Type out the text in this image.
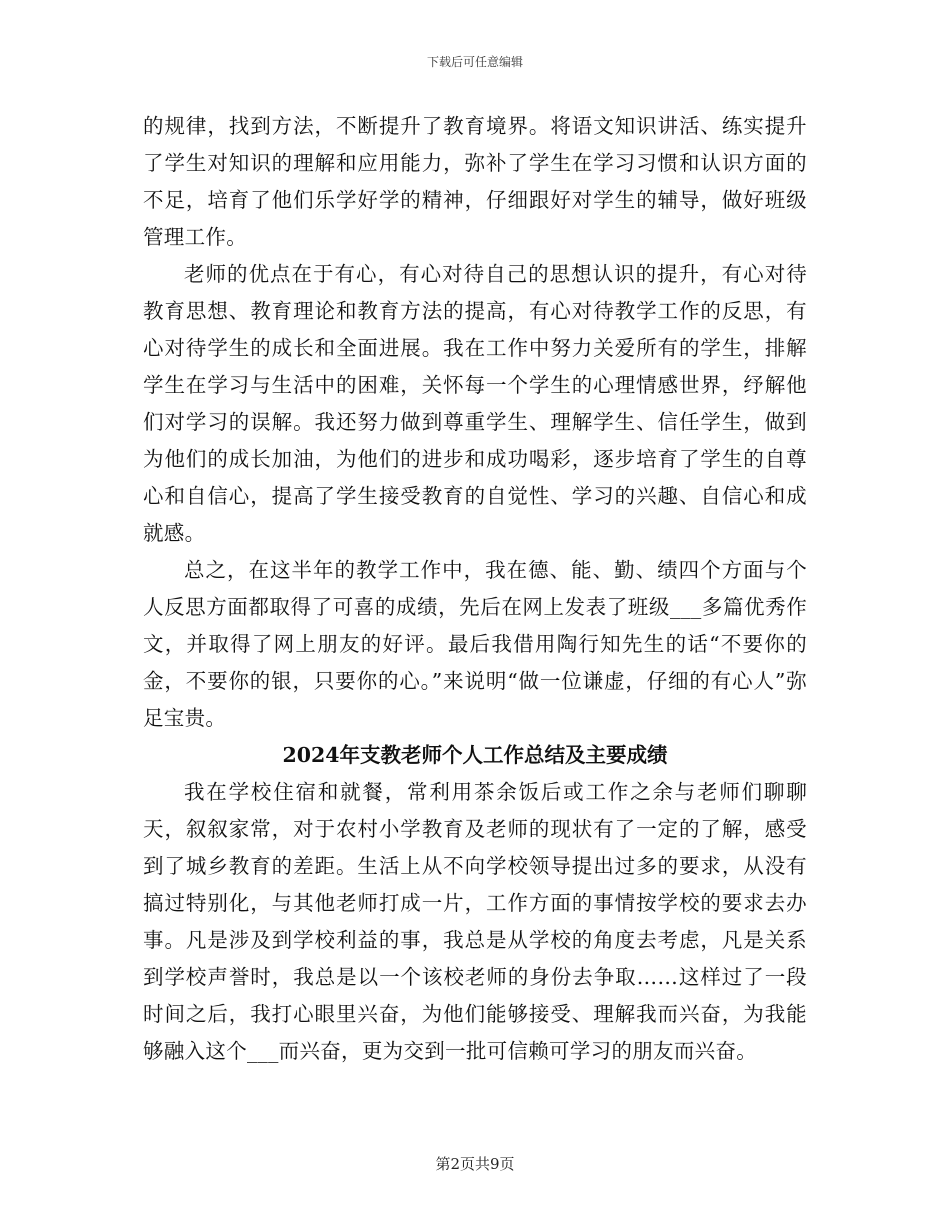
下载后可任意编辑

的规律，找到方法，不断提升了教育境界。将语文知识讲活、练实提升了学生对知识的理解和应用能力，弥补了学生在学习习惯和认识方面的不足，培育了他们乐学好学的精神，仔细跟好对学生的辅导，做好班级管理工作。

老师的优点在于有心，有心对待自己的思想认识的提升，有心对待教育思想、教育理论和教育方法的提高，有心对待教学工作的反思，有心对待学生的成长和全面进展。我在工作中努力关爱所有的学生，排解学生在学习与生活中的困难，关怀每一个学生的心理情感世界，纾解他们对学习的误解。我还努力做到尊重学生、理解学生、信任学生，做到为他们的成长加油，为他们的进步和成功喝彩，逐步培育了学生的自尊心和自信心，提高了学生接受教育的自觉性、学习的兴趣、自信心和成就感。

总之，在这半年的教学工作中，我在德、能、勤、绩四个方面与个人反思方面都取得了可喜的成绩，先后在网上发表了班级___多篇优秀作文，并取得了网上朋友的好评。最后我借用陶行知先生的话“不要你的金，不要你的银，只要你的心。”来说明“做一位谦虚，仔细的有心人”弥足宝贵。

2024年支教老师个人工作总结及主要成绩

我在学校住宿和就餐，常利用茶余饭后或工作之余与老师们聊聊天，叙叙家常，对于农村小学教育及老师的现状有了一定的了解，感受到了城乡教育的差距。生活上从不向学校领导提出过多的要求，从没有搞过特别化，与其他老师打成一片，工作方面的事情按学校的要求去办事。凡是涉及到学校利益的事，我总是从学校的角度去考虑，凡是关系到学校声誉时，我总是以一个该校老师的身份去争取……这样过了一段时间之后，我打心眼里兴奋，为他们能够接受、理解我而兴奋，为我能够融入这个___而兴奋，更为交到一批可信赖可学习的朋友而兴奋。

第2页共9页
